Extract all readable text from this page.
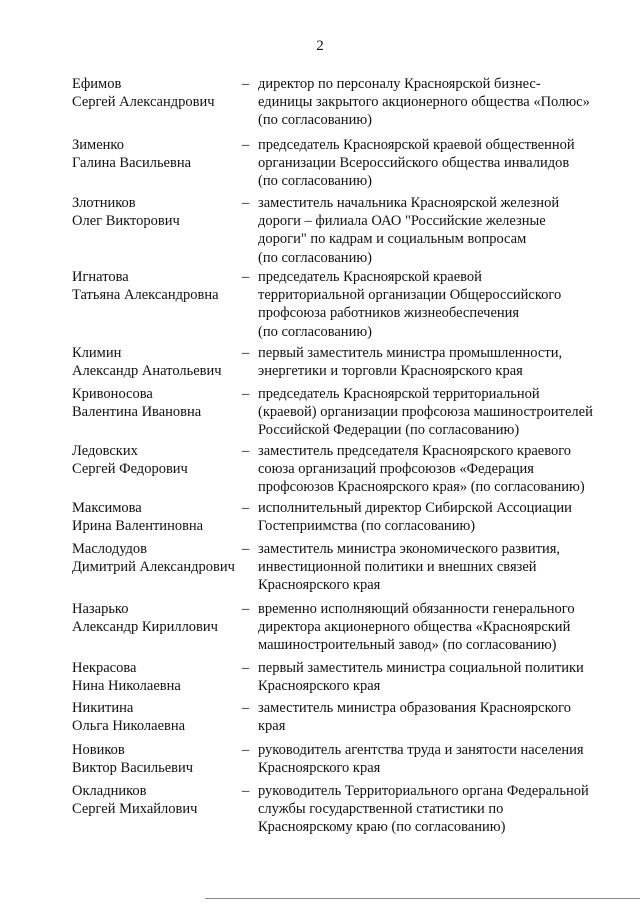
2
Ефимов
Сергей Александрович
– директор по персоналу Красноярской бизнес-
единицы закрытого акционерного общества «Полюс»
(по согласованию)
Зименко
Галина Васильевна
– председатель Красноярской краевой общественной
организации Всероссийского общества инвалидов
(по согласованию)
Злотников
Олег Викторович
– заместитель начальника Красноярской железной
дороги – филиала ОАО "Российские железные
дороги" по кадрам и социальным вопросам
(по согласованию)
Игнатова
Татьяна Александровна
– председатель Красноярской краевой
территориальной организации Общероссийского
профсоюза работников жизнеобеспечения
(по согласованию)
Климин
Александр Анатольевич
– первый заместитель министра промышленности,
энергетики и торговли Красноярского края
Кривоносова
Валентина Ивановна
– председатель Красноярской территориальной
(краевой) организации профсоюза машиностроителей
Российской Федерации (по согласованию)
Ледовских
Сергей Федорович
– заместитель председателя Красноярского краевого
союза организаций профсоюзов «Федерация
профсоюзов Красноярского края» (по согласованию)
Максимова
Ирина Валентиновна
– исполнительный директор Сибирской Ассоциации
Гостеприимства (по согласованию)
Маслодудов
Димитрий Александрович
– заместитель министра экономического развития,
инвестиционной политики и внешних связей
Красноярского края
Назарько
Александр Кириллович
– временно исполняющий обязанности генерального
директора акционерного общества «Красноярский
машиностроительный завод» (по согласованию)
Некрасова
Нина Николаевна
– первый заместитель министра социальной политики
Красноярского края
Никитина
Ольга Николаевна
– заместитель министра образования Красноярского
края
Новиков
Виктор Васильевич
– руководитель агентства труда и занятости населения
Красноярского края
Окладников
Сергей Михайлович
– руководитель Территориального органа Федеральной
службы государственной статистики по
Красноярскому краю (по согласованию)
